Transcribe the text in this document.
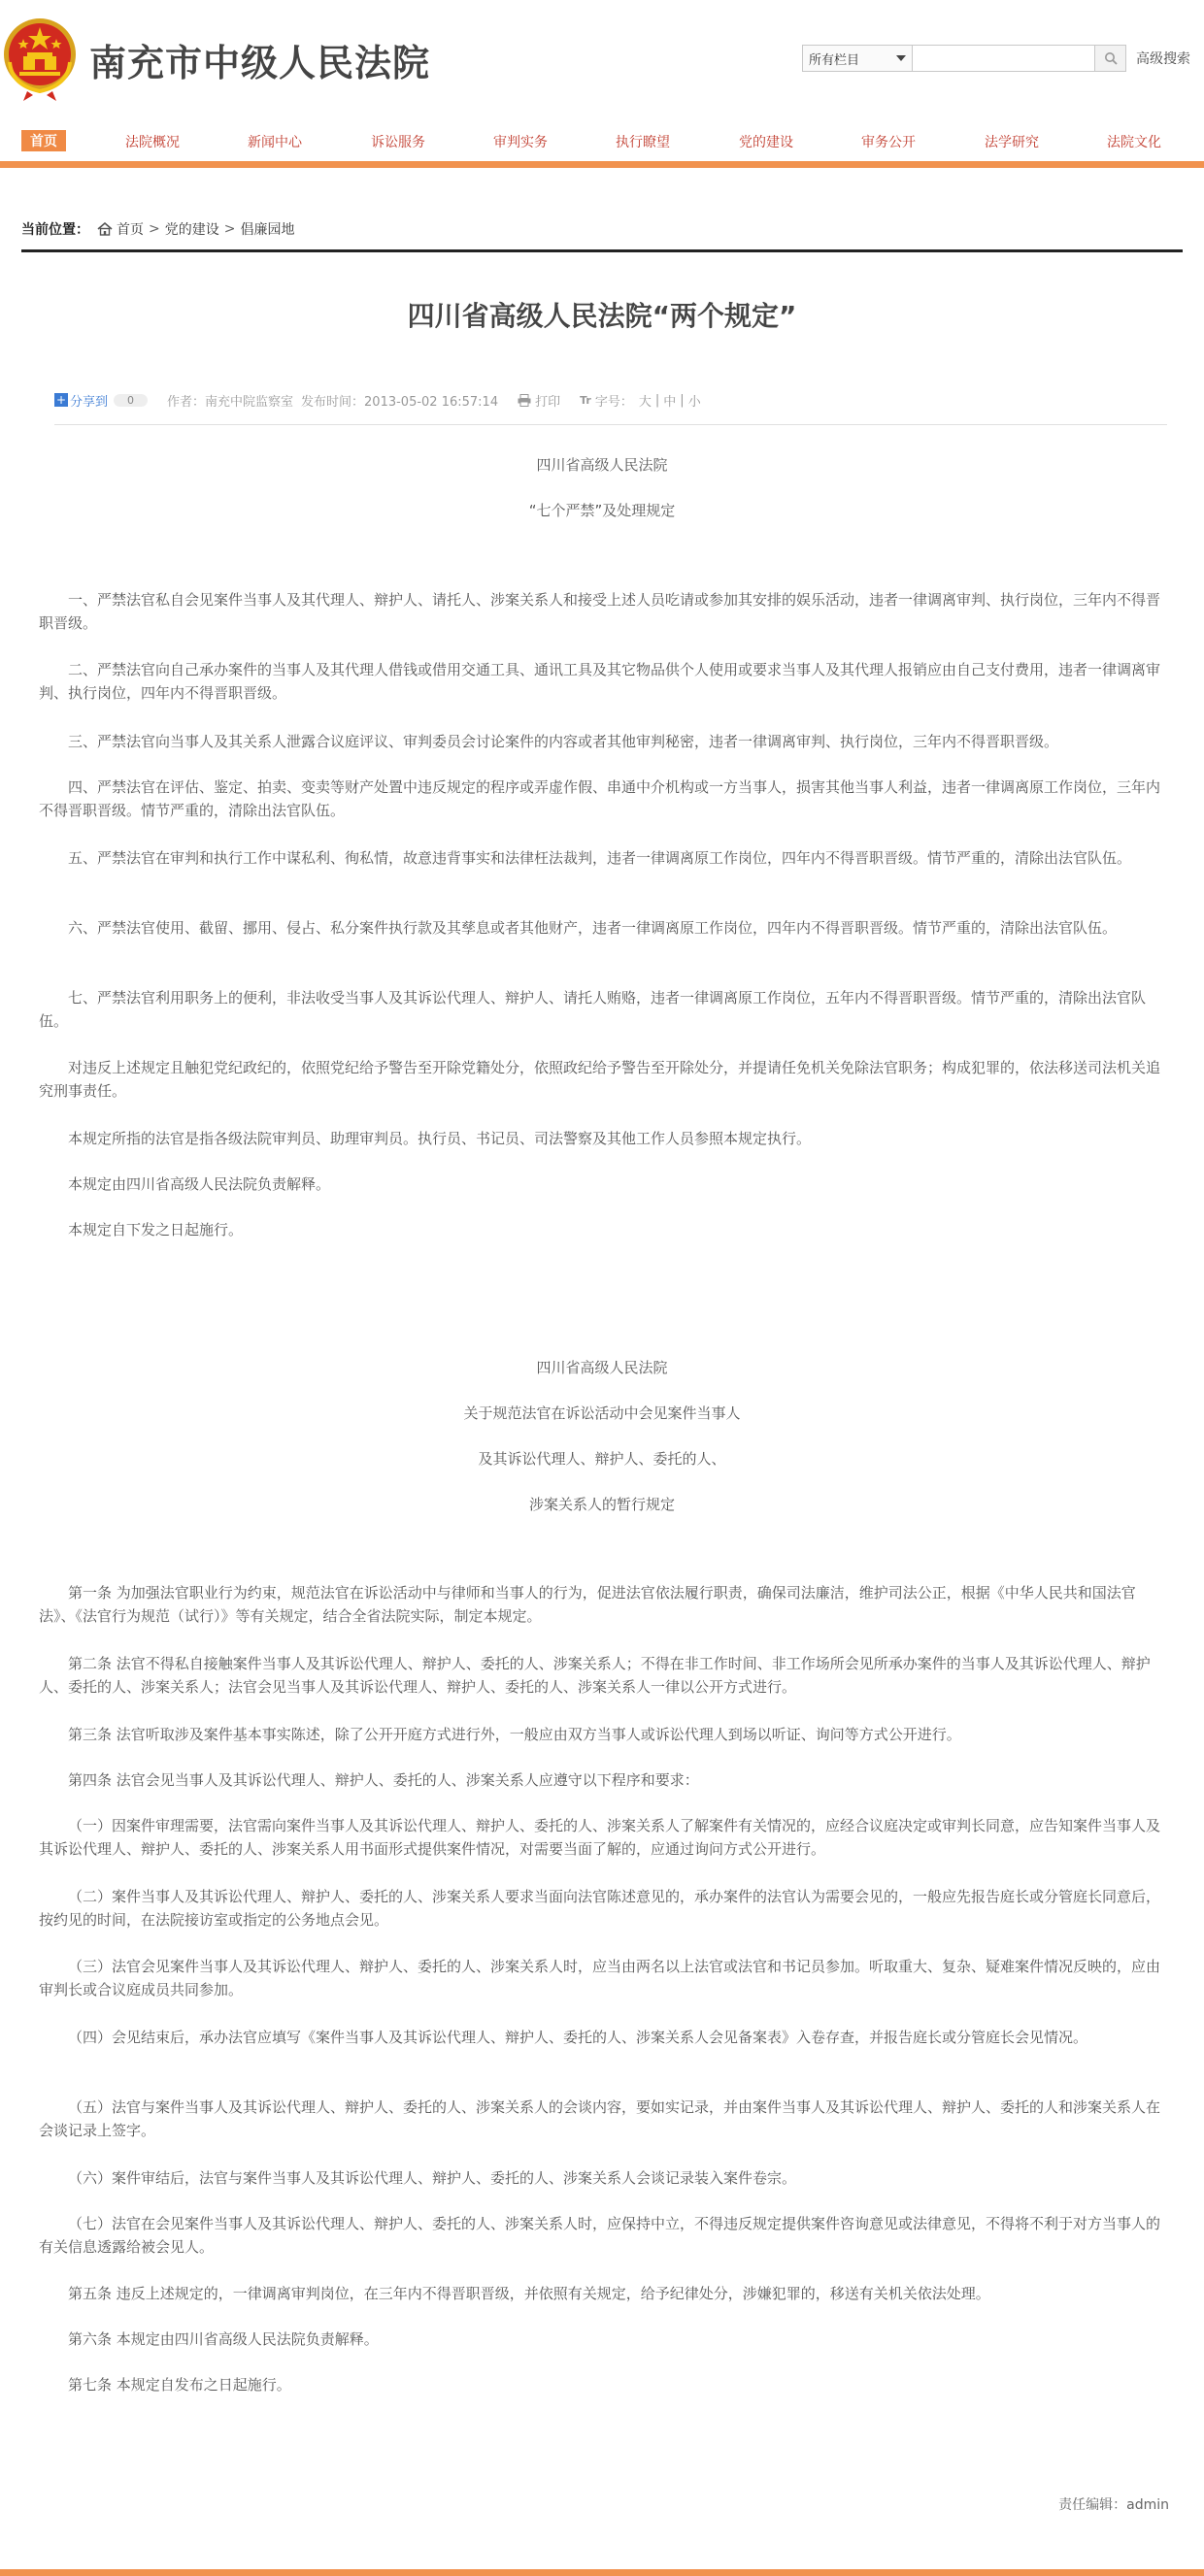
南充市中级人民法院	所有栏目	高级搜索
首页	法院概况	新闻中心	诉讼服务	审判实务	执行瞭望	党的建设	审务公开	法学研究	法院文化
当前位置： 首页 > 党的建设 > 倡廉园地
四川省高级人民法院“两个规定”
+ 分享到	0	作者：南充中院监察室 发布时间：2013-05-02 16:57:14	打印 Tr 字号： 大 | 中 | 小

四川省高级人民法院

“七个严禁”及处理规定

一、严禁法官私自会见案件当事人及其代理人、辩护人、请托人、涉案关系人和接受上述人员吃请或参加其安排的娱乐活动，违者一律调离审判、执行岗位，三年内不得晋职晋级。

二、严禁法官向自己承办案件的当事人及其代理人借钱或借用交通工具、通讯工具及其它物品供个人使用或要求当事人及其代理人报销应由自己支付费用，违者一律调离审判、执行岗位，四年内不得晋职晋级。

三、严禁法官向当事人及其关系人泄露合议庭评议、审判委员会讨论案件的内容或者其他审判秘密，违者一律调离审判、执行岗位，三年内不得晋职晋级。

四、严禁法官在评估、鉴定、拍卖、变卖等财产处置中违反规定的程序或弄虚作假、串通中介机构或一方当事人，损害其他当事人利益，违者一律调离原工作岗位，三年内不得晋职晋级。情节严重的，清除出法官队伍。

五、严禁法官在审判和执行工作中谋私利、徇私情，故意违背事实和法律枉法裁判，违者一律调离原工作岗位，四年内不得晋职晋级。情节严重的，清除出法官队伍。

六、严禁法官使用、截留、挪用、侵占、私分案件执行款及其孳息或者其他财产，违者一律调离原工作岗位，四年内不得晋职晋级。情节严重的，清除出法官队伍。

七、严禁法官利用职务上的便利，非法收受当事人及其诉讼代理人、辩护人、请托人贿赂，违者一律调离原工作岗位，五年内不得晋职晋级。情节严重的，清除出法官队伍。

对违反上述规定且触犯党纪政纪的，依照党纪给予警告至开除党籍处分，依照政纪给予警告至开除处分，并提请任免机关免除法官职务；构成犯罪的，依法移送司法机关追究刑事责任。

本规定所指的法官是指各级法院审判员、助理审判员。执行员、书记员、司法警察及其他工作人员参照本规定执行。

本规定由四川省高级人民法院负责解释。

本规定自下发之日起施行。

四川省高级人民法院

关于规范法官在诉讼活动中会见案件当事人

及其诉讼代理人、辩护人、委托的人、

涉案关系人的暂行规定

第一条 为加强法官职业行为约束，规范法官在诉讼活动中与律师和当事人的行为，促进法官依法履行职责，确保司法廉洁，维护司法公正，根据《中华人民共和国法官法》、《法官行为规范（试行）》等有关规定，结合全省法院实际，制定本规定。

第二条 法官不得私自接触案件当事人及其诉讼代理人、辩护人、委托的人、涉案关系人；不得在非工作时间、非工作场所会见所承办案件的当事人及其诉讼代理人、辩护人、委托的人、涉案关系人；法官会见当事人及其诉讼代理人、辩护人、委托的人、涉案关系人一律以公开方式进行。

第三条 法官听取涉及案件基本事实陈述，除了公开开庭方式进行外，一般应由双方当事人或诉讼代理人到场以听证、询问等方式公开进行。

第四条 法官会见当事人及其诉讼代理人、辩护人、委托的人、涉案关系人应遵守以下程序和要求：

（一）因案件审理需要，法官需向案件当事人及其诉讼代理人、辩护人、委托的人、涉案关系人了解案件有关情况的，应经合议庭决定或审判长同意，应告知案件当事人及其诉讼代理人、辩护人、委托的人、涉案关系人用书面形式提供案件情况，对需要当面了解的，应通过询问方式公开进行。

（二）案件当事人及其诉讼代理人、辩护人、委托的人、涉案关系人要求当面向法官陈述意见的，承办案件的法官认为需要会见的，一般应先报告庭长或分管庭长同意后，按约见的时间，在法院接访室或指定的公务地点会见。

（三）法官会见案件当事人及其诉讼代理人、辩护人、委托的人、涉案关系人时，应当由两名以上法官或法官和书记员参加。听取重大、复杂、疑难案件情况反映的，应由审判长或合议庭成员共同参加。

（四）会见结束后，承办法官应填写《案件当事人及其诉讼代理人、辩护人、委托的人、涉案关系人会见备案表》入卷存查，并报告庭长或分管庭长会见情况。

（五）法官与案件当事人及其诉讼代理人、辩护人、委托的人、涉案关系人的会谈内容，要如实记录，并由案件当事人及其诉讼代理人、辩护人、委托的人和涉案关系人在会谈记录上签字。

（六）案件审结后，法官与案件当事人及其诉讼代理人、辩护人、委托的人、涉案关系人会谈记录装入案件卷宗。

（七）法官在会见案件当事人及其诉讼代理人、辩护人、委托的人、涉案关系人时，应保持中立，不得违反规定提供案件咨询意见或法律意见，不得将不利于对方当事人的有关信息透露给被会见人。

第五条 违反上述规定的，一律调离审判岗位，在三年内不得晋职晋级，并依照有关规定，给予纪律处分，涉嫌犯罪的，移送有关机关依法处理。

第六条 本规定由四川省高级人民法院负责解释。

第七条 本规定自发布之日起施行。

责任编辑：admin
